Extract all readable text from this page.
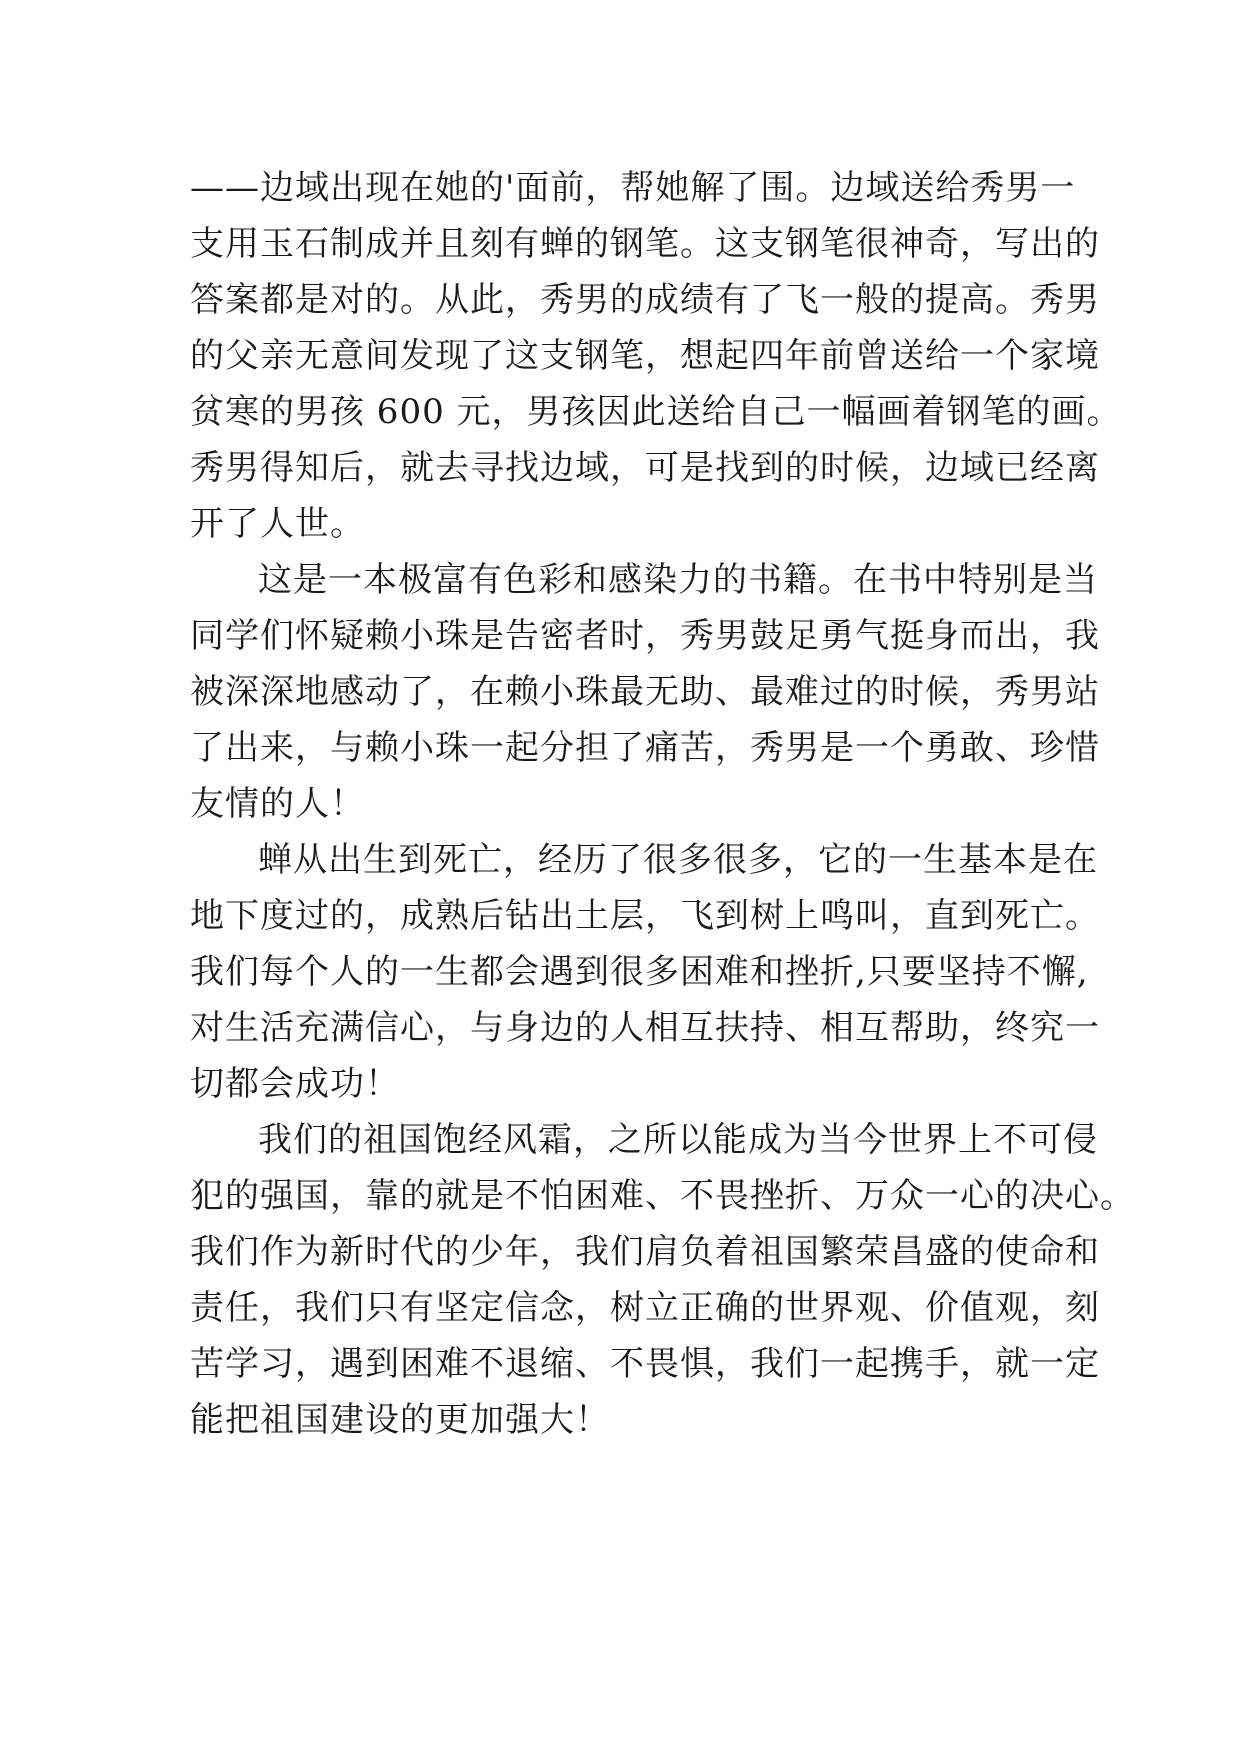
——边域出现在她的'面前，帮她解了围。边域送给秀男一
支用玉石制成并且刻有蝉的钢笔。这支钢笔很神奇，写出的
答案都是对的。从此，秀男的成绩有了飞一般的提高。秀男
的父亲无意间发现了这支钢笔，想起四年前曾送给一个家境
贫寒的男孩 600 元，男孩因此送给自己一幅画着钢笔的画。
秀男得知后，就去寻找边域，可是找到的时候，边域已经离
开了人世。
这是一本极富有色彩和感染力的书籍。在书中特别是当
同学们怀疑赖小珠是告密者时，秀男鼓足勇气挺身而出，我
被深深地感动了，在赖小珠最无助、最难过的时候，秀男站
了出来，与赖小珠一起分担了痛苦，秀男是一个勇敢、珍惜
友情的人！
蝉从出生到死亡，经历了很多很多，它的一生基本是在
地下度过的，成熟后钻出土层，飞到树上鸣叫，直到死亡。
我们每个人的一生都会遇到很多困难和挫折,只要坚持不懈,
对生活充满信心，与身边的人相互扶持、相互帮助，终究一
切都会成功！
我们的祖国饱经风霜，之所以能成为当今世界上不可侵
犯的强国，靠的就是不怕困难、不畏挫折、万众一心的决心。
我们作为新时代的少年，我们肩负着祖国繁荣昌盛的使命和
责任，我们只有坚定信念，树立正确的世界观、价值观，刻
苦学习，遇到困难不退缩、不畏惧，我们一起携手，就一定
能把祖国建设的更加强大！
